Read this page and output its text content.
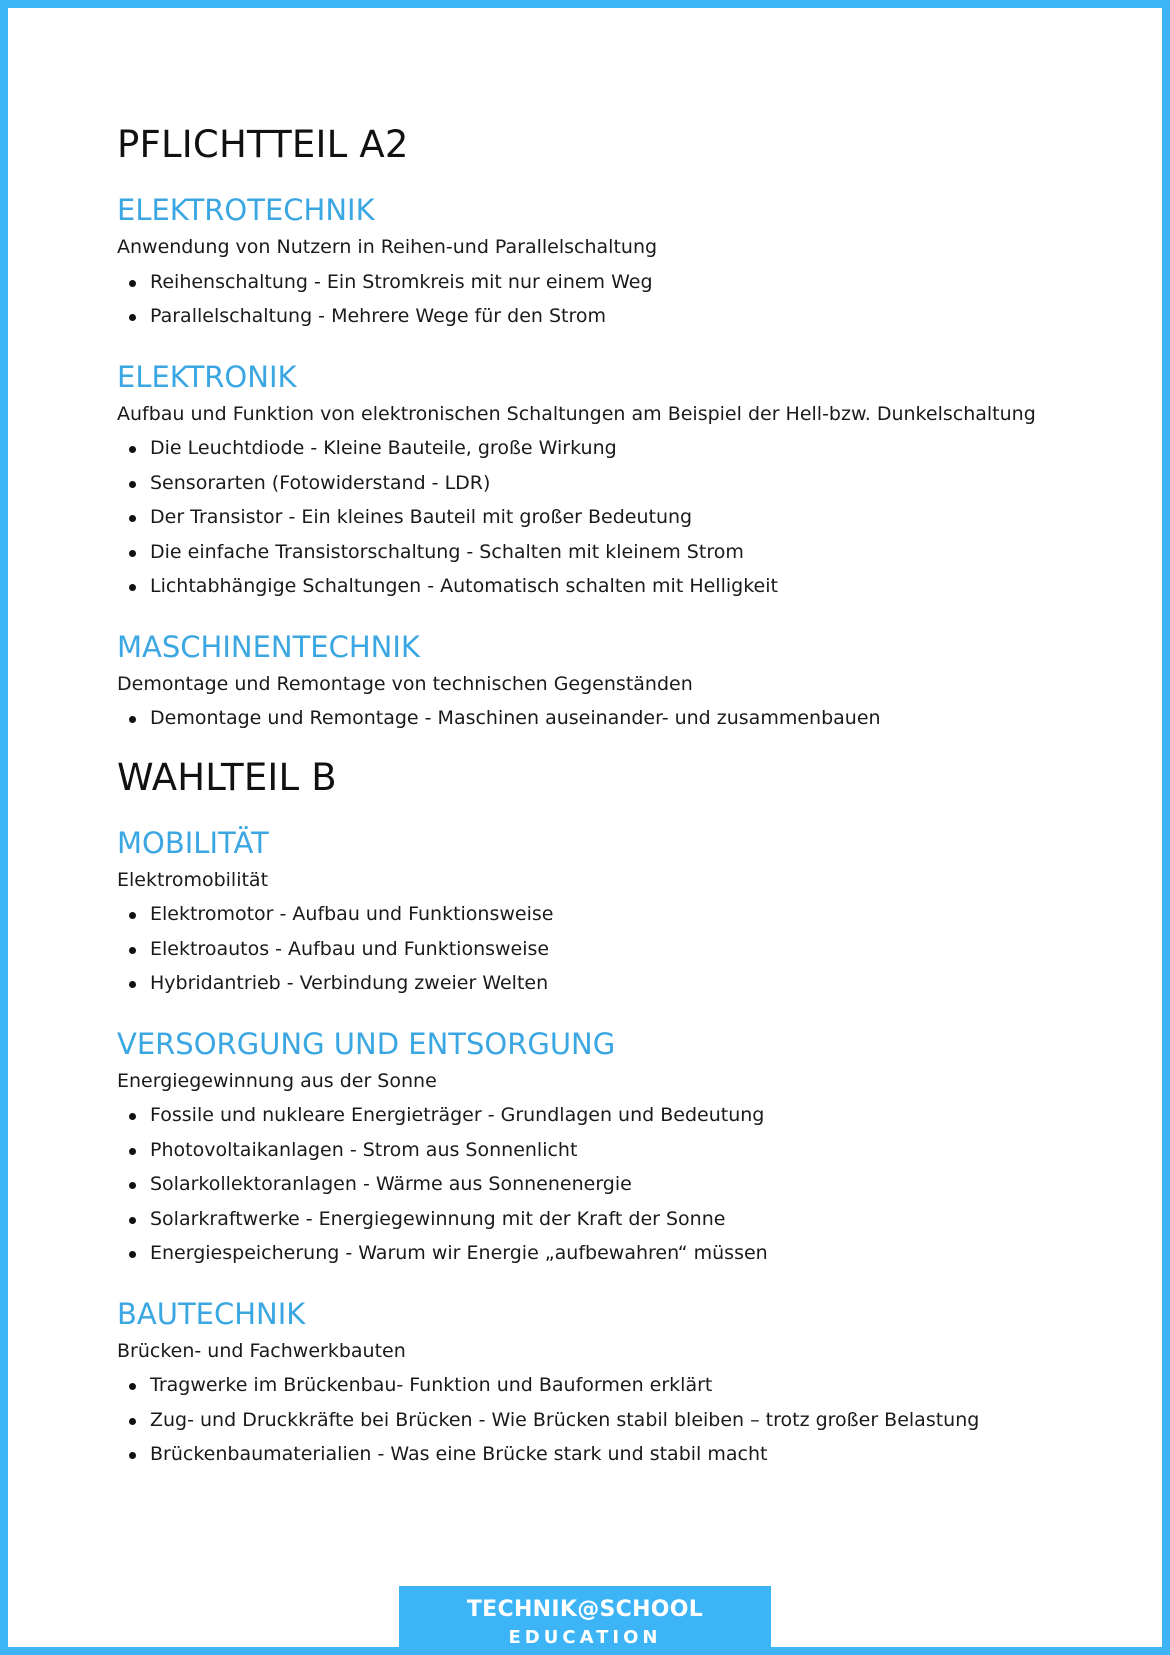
PFLICHTTEIL A2
ELEKTROTECHNIK

Anwendung von Nutzern in Reihen-und Parallelschaltung

Reihenschaltung - Ein Stromkreis mit nur einem Weg
Parallelschaltung - Mehrere Wege für den Strom
ELEKTRONIK

Aufbau und Funktion von elektronischen Schaltungen am Beispiel der Hell-bzw. Dunkelschaltung

Die Leuchtdiode - Kleine Bauteile, große Wirkung
Sensorarten (Fotowiderstand - LDR)
Der Transistor - Ein kleines Bauteil mit großer Bedeutung
Die einfache Transistorschaltung - Schalten mit kleinem Strom
Lichtabhängige Schaltungen - Automatisch schalten mit Helligkeit
MASCHINENTECHNIK

Demontage und Remontage von technischen Gegenständen

Demontage und Remontage - Maschinen auseinander- und zusammenbauen
WAHLTEIL B
MOBILITÄT

Elektromobilität

Elektromotor - Aufbau und Funktionsweise
Elektroautos - Aufbau und Funktionsweise
Hybridantrieb - Verbindung zweier Welten
VERSORGUNG UND ENTSORGUNG

Energiegewinnung aus der Sonne

Fossile und nukleare Energieträger - Grundlagen und Bedeutung
Photovoltaikanlagen - Strom aus Sonnenlicht
Solarkollektoranlagen - Wärme aus Sonnenenergie
Solarkraftwerke - Energiegewinnung mit der Kraft der Sonne
Energiespeicherung - Warum wir Energie „aufbewahren“ müssen
BAUTECHNIK

Brücken- und Fachwerkbauten

Tragwerke im Brückenbau- Funktion und Bauformen erklärt
Zug- und Druckkräfte bei Brücken - Wie Brücken stabil bleiben – trotz großer Belastung
Brückenbaumaterialien - Was eine Brücke stark und stabil macht
TECHNIK@SCHOOL
EDUCATION
